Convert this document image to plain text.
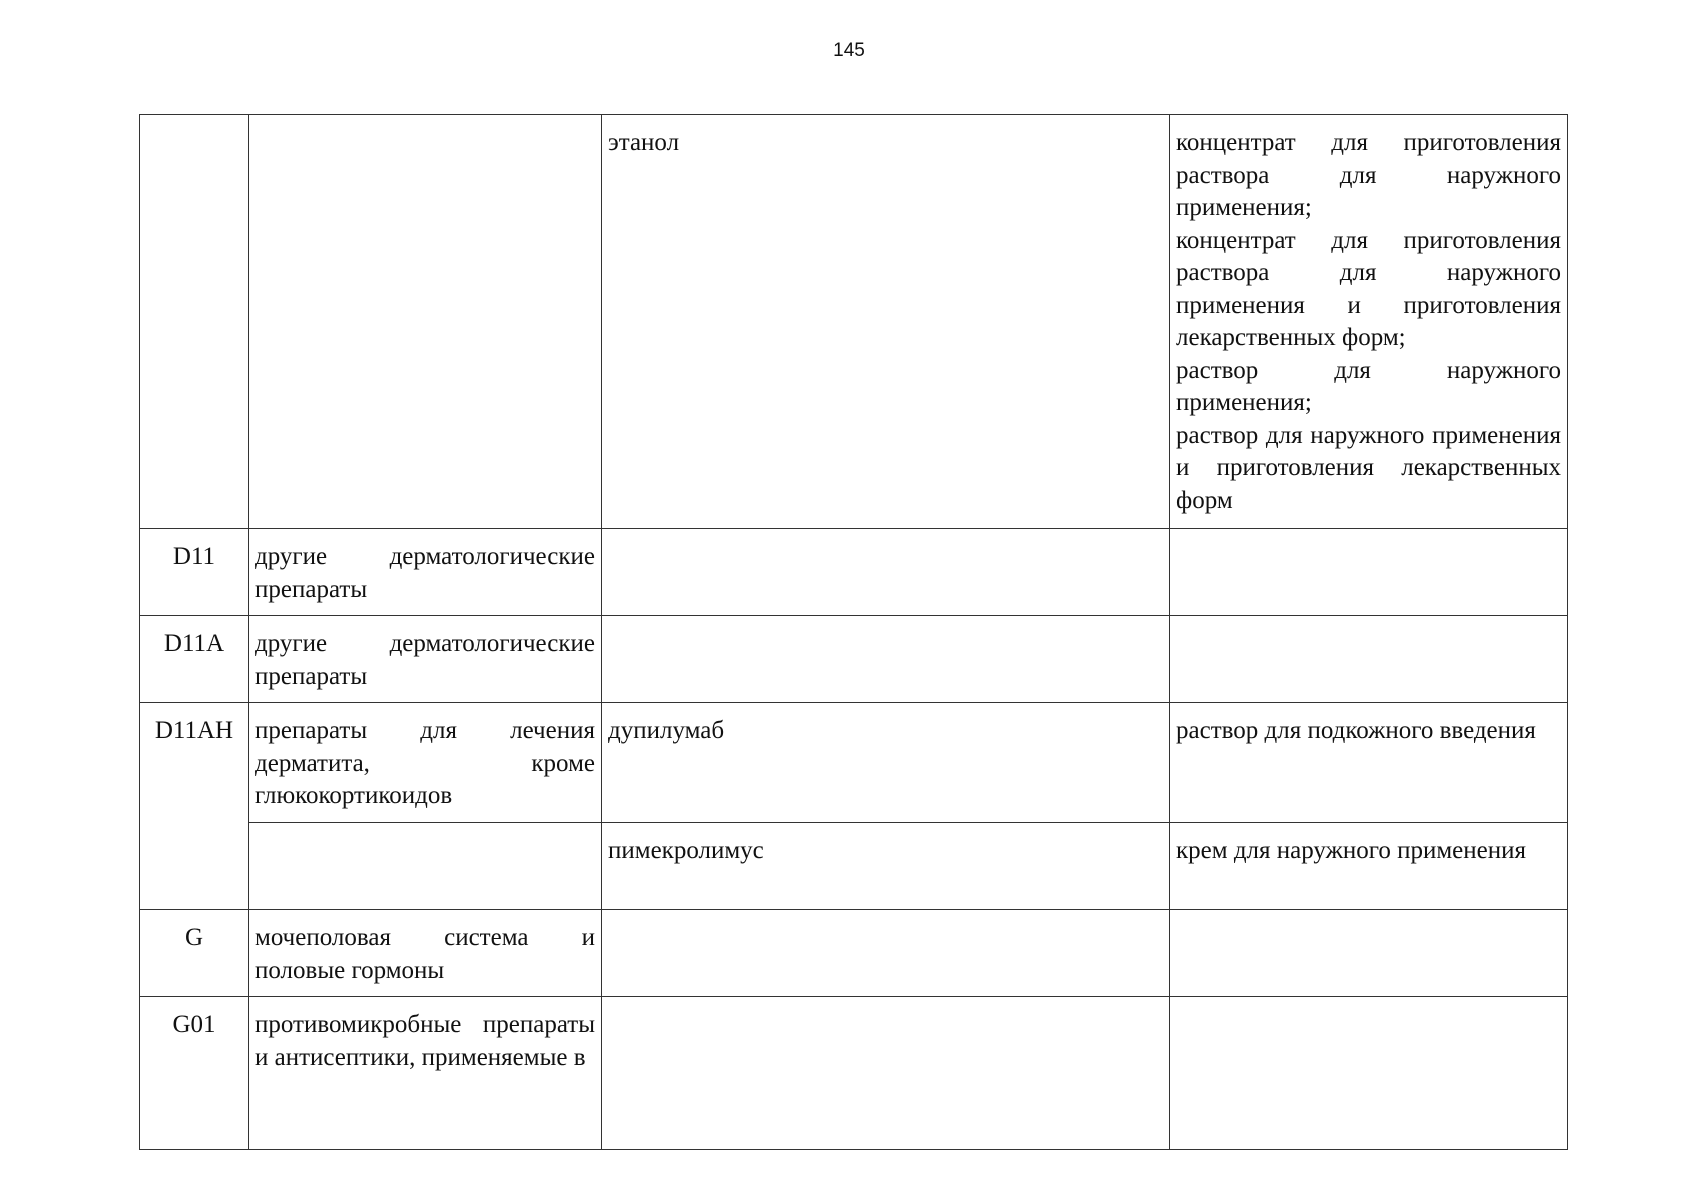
145
		этанол	концентрат для приготовления раствора для наружного применения;
концентрат для приготовления раствора для наружного применения и приготовления лекарственных форм;
раствор для наружного применения;
раствор для наружного применения и приготовления лекарственных форм

D11	другие дерматологические препараты		

D11A	другие дерматологические препараты		

D11AH	препараты для лечения дерматита, кроме глюкокортикоидов	дупилумаб	раствор для подкожного введения

		пимекролимус	крем для наружного применения

G	мочеполовая система и половые гормоны		

G01	противомикробные препараты и антисептики, применяемые в		
